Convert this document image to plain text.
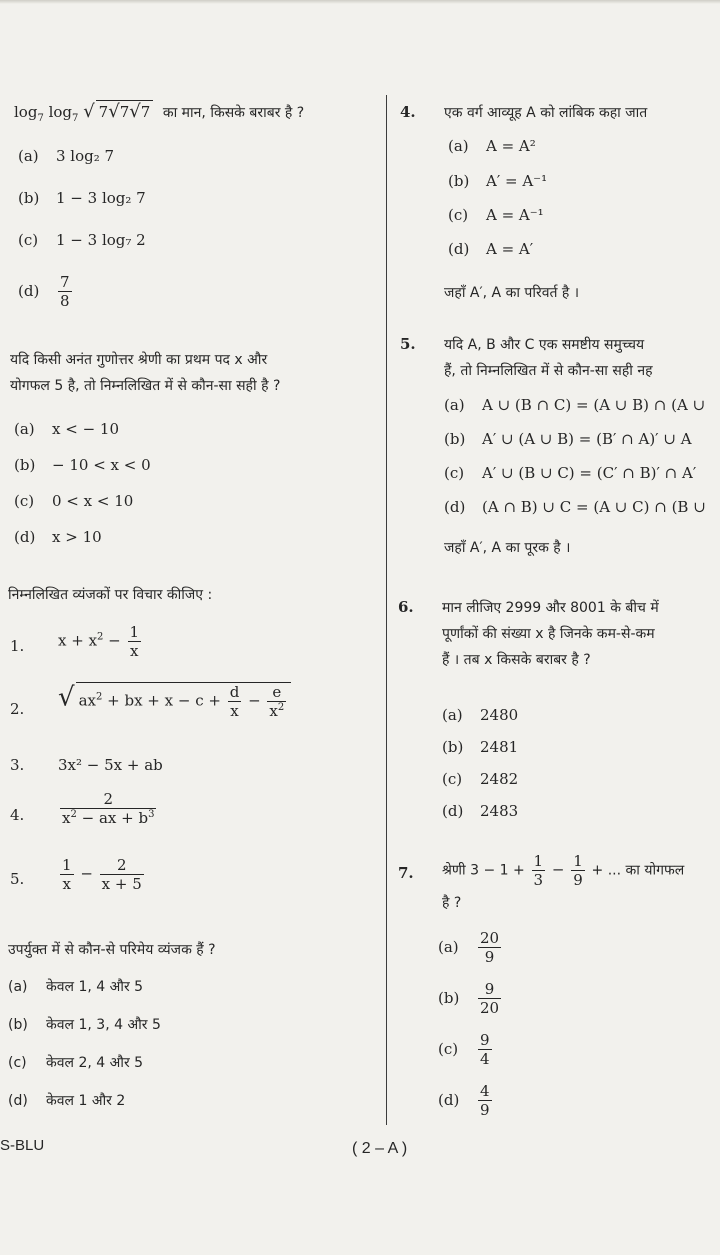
$\log_7 \log_7$ √ 7√7√7 का मान, किसके बराबर है ?
(a) 3 log₂ 7
(b) 1 − 3 log₂ 7
(c) 1 − 3 log₇ 2
$(d) \frac{7}{8}$
यदि किसी अनंत गुणोत्तर श्रेणी का प्रथम पद x और
योगफल 5 है, तो निम्नलिखित में से कौन-सा सही है ?
(a) x < − 10
(b) − 10 < x < 0
(c) 0 < x < 10
(d) x > 10
निम्नलिखित व्यंजकों पर विचार कीजिए :
1. $x + x^2 - \frac{1}{x}$
2. √ $ax^2$ + bx + $x - c + \frac{d}{x} - \frac{e}{x^2}$
3. 3x² − 5x + ab
4. $\frac{2}{x^2 - ax + b^3}$
5. $\frac{1}{x} - \frac{2}{x + 5}$
उपर्युक्त में से कौन-से परिमेय व्यंजक हैं ?
(a) केवल 1, 4 और 5
(b) केवल 1, 3, 4 और 5
(c) केवल 2, 4 और 5
(d) केवल 1 और 2
4. एक वर्ग आव्यूह A को लांबिक कहा जात
(a) A = A²
(b) A′ = A⁻¹
(c) A = A⁻¹
(d) A = A′
जहाँ A′, A का परिवर्त है ।
5. यदि A, B और C एक समष्टीय समुच्चय
हैं, तो निम्नलिखित में से कौन-सा सही नह
(a) A ∪ (B ∩ C) = (A ∪ B) ∩ (A ∪
(b) A′ ∪ (A ∪ B) = (B′ ∩ A)′ ∪ A
(c) A′ ∪ (B ∪ C) = (C′ ∩ B)′ ∩ A′
(d) (A ∩ B) ∪ C = (A ∪ C) ∩ (B ∪
जहाँ A′, A का पूरक है ।
6. मान लीजिए 2999 और 8001 के बीच में
पूर्णांकों की संख्या x है जिनके कम-से-कम
हैं । तब x किसके बराबर है ?
(a) 2480
(b) 2481
(c) 2482
(d) 2483
7. श्रेणी $3 - 1 + \frac{1}{3} - \frac{1}{9}$ + ... का योगफल
है ?
$(a) \frac{20}{9}$
$(b) \frac{9}{20}$
$(c) \frac{9}{4}$
$(d) \frac{4}{9}$
S-BLU	( 2 – A )
